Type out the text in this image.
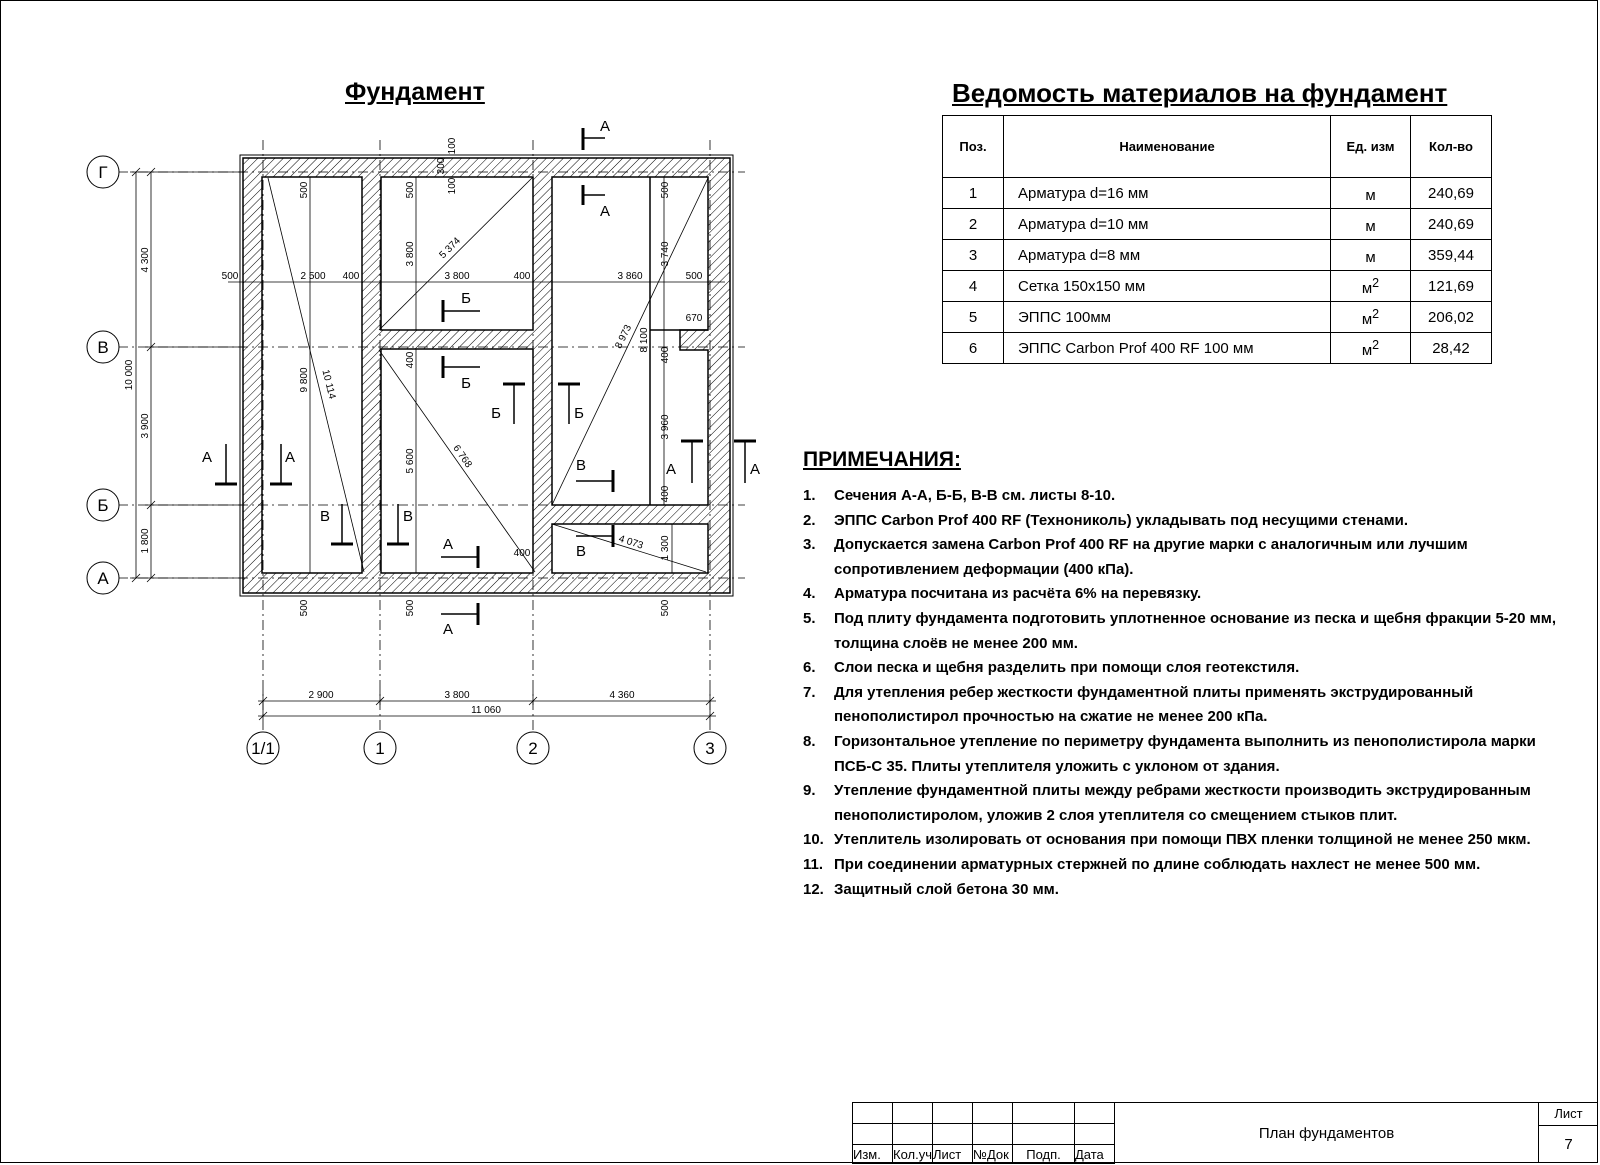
Фундамент	Ведомость материалов на фундамент
Г
В
Б
А
1/1	1	2	3
10 000
4 300
3 900
1 800
2 900	3 800	4 360
11 060
500	2 500 400	3 800	400	3 860	500
500	500	500
500	500	500
300
100
100
3 800	3 740
9 800 10 114
5 374
8 973 8 100
400	400
400
400
5 600
3 960
6 768
4 073 1 300
670
А
А
А	А
А	А
А
А
Б
Б
Б	Б
В	В
В
В
Поз.	Наименование	Ед. изм	Кол-во
1	Арматура d=16 мм	м	240,69
2	Арматура d=10 мм	м	240,69
3	Арматура d=8 мм	м	359,44
4	Сетка 150х150 мм	$м^2$	121,69
5	ЭППС 100мм	$м^2$	206,02
6	ЭППС Carbon Prof 400 RF 100 мм	$м^2$	28,42
ПРИМЕЧАНИЯ:
1. Сечения А-А, Б-Б, В-В см. листы 8-10.
2. ЭППС Carbon Prof 400 RF (Технониколь) укладывать под несущими стенами.
3. Допускается замена Carbon Prof 400 RF на другие марки с аналогичным или лучшим сопротивлением деформации (400 кПа).
4. Арматура посчитана из расчёта 6% на перевязку.
5. Под плиту фундамента подготовить уплотненное основание из песка и щебня фракции 5-20 мм, толщина слоёв не менее 200 мм.
6. Слои песка и щебня разделить при помощи слоя геотекстиля.
7. Для утепления ребер жесткости фундаментной плиты применять экструдированный пенополистирол прочностью на сжатие не менее 200 кПа.
8. Горизонтальное утепление по периметру фундамента выполнить из пенополистирола марки ПСБ-С 35. Плиты утеплителя уложить с уклоном от здания.
9. Утепление фундаментной плиты между ребрами жесткости производить экструдированным пенополистиролом, уложив 2 слоя утеплителя со смещением стыков плит.
10. Утеплитель изолировать от основания при помощи ПВХ пленки толщиной не менее 250 мкм.
11. При соединении арматурных стержней по длине соблюдать нахлест не менее 500 мм.
12. Защитный слой бетона 30 мм.

Изм.	Кол.уч	Лист	№Док	Подп.	Дата
План фундаментов
Лист
7
